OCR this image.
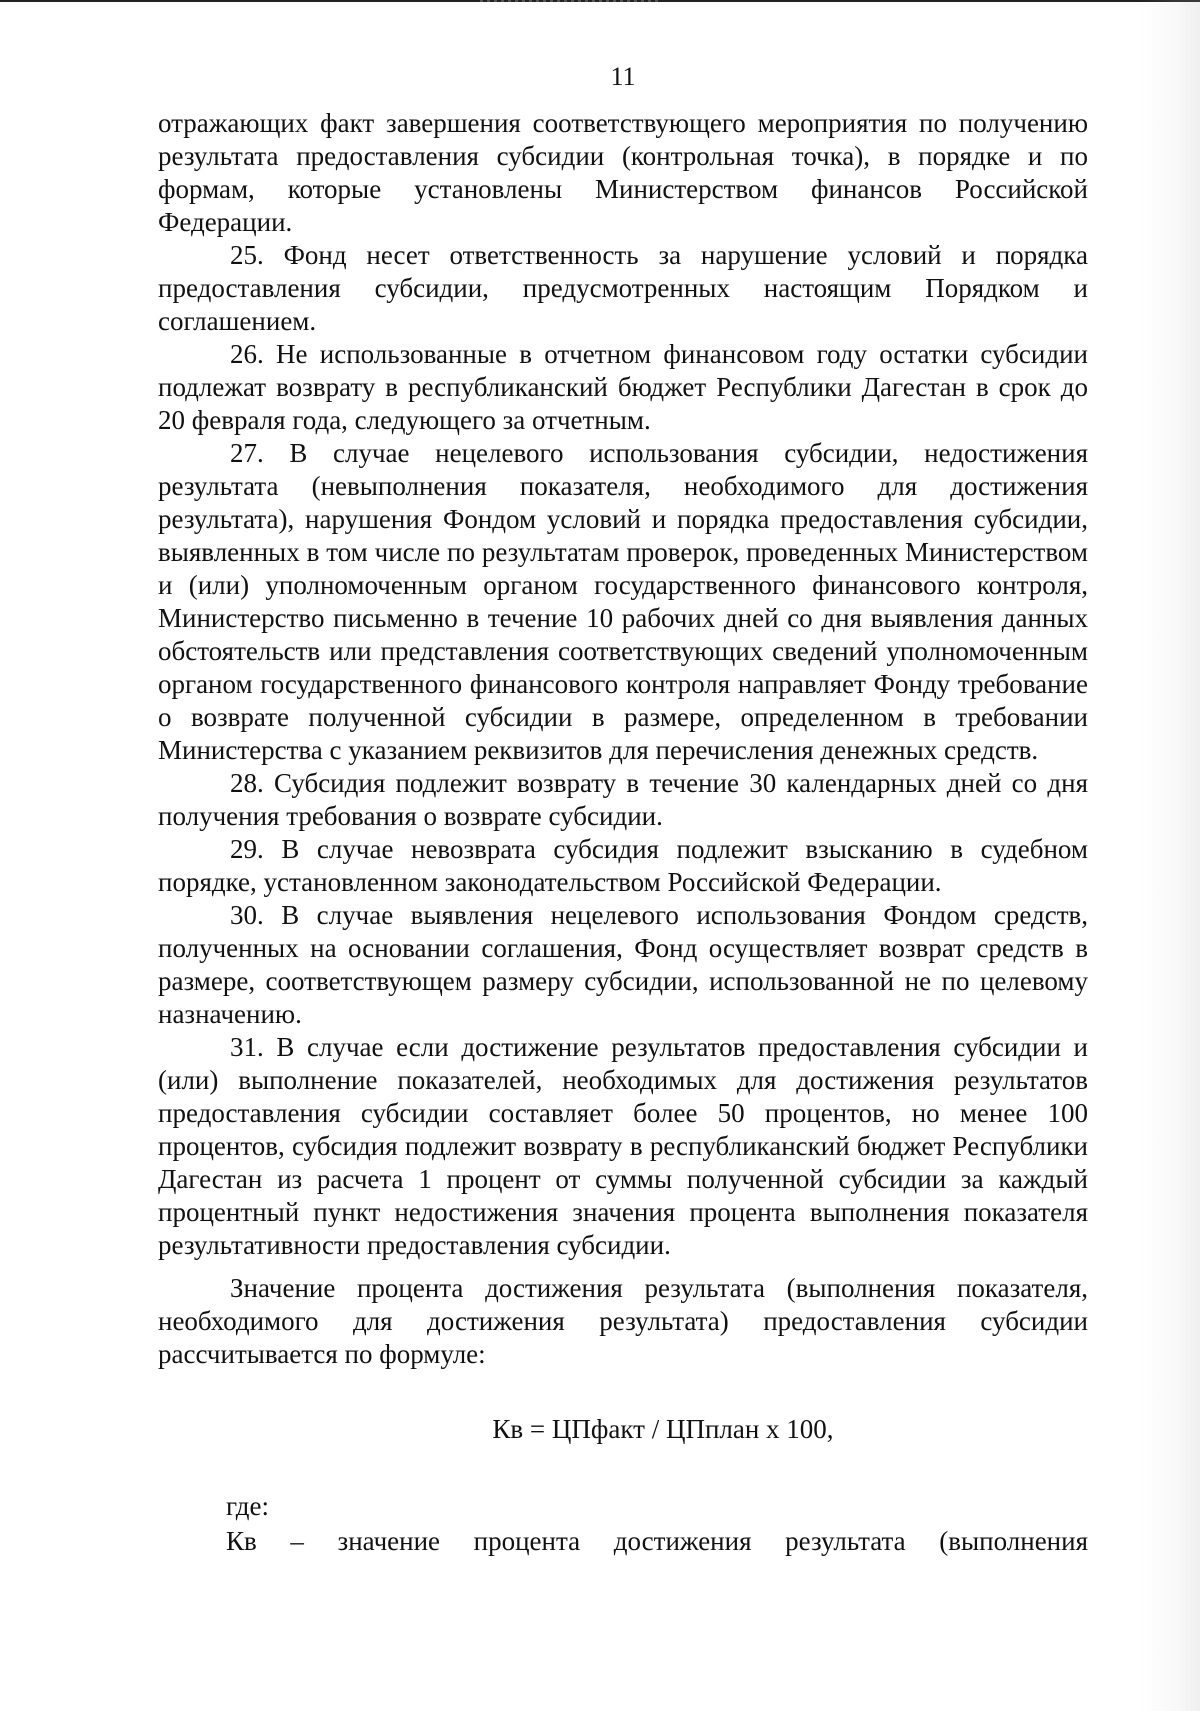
11

отражающих факт завершения соответствующего мероприятия по получению результата предоставления субсидии (контрольная точка), в порядке и по формам, которые установлены Министерством финансов Российской Федерации.

25. Фонд несет ответственность за нарушение условий и порядка предоставления субсидии, предусмотренных настоящим Порядком и соглашением.

26. Не использованные в отчетном финансовом году остатки субсидии подлежат возврату в республиканский бюджет Республики Дагестан в срок до 20 февраля года, следующего за отчетным.

27. В случае нецелевого использования субсидии, недостижения результата (невыполнения показателя, необходимого для достижения результата), нарушения Фондом условий и порядка предоставления субсидии, выявленных в том числе по результатам проверок, проведенных Министерством и (или) уполномоченным органом государственного финансового контроля, Министерство письменно в течение 10 рабочих дней со дня выявления данных обстоятельств или представления соответствующих сведений уполномоченным органом государственного финансового контроля направляет Фонду требование о возврате полученной субсидии в размере, определенном в требовании Министерства с указанием реквизитов для перечисления денежных средств.

28. Субсидия подлежит возврату в течение 30 календарных дней со дня получения требования о возврате субсидии.

29. В случае невозврата субсидия подлежит взысканию в судебном порядке, установленном законодательством Российской Федерации.

30. В случае выявления нецелевого использования Фондом средств, полученных на основании соглашения, Фонд осуществляет возврат средств в размере, соответствующем размеру субсидии, использованной не по целевому назначению.

31. В случае если достижение результатов предоставления субсидии и (или) выполнение показателей, необходимых для достижения результатов предоставления субсидии составляет более 50 процентов, но менее 100 процентов, субсидия подлежит возврату в республиканский бюджет Республики Дагестан из расчета 1 процент от суммы полученной субсидии за каждый процентный пункт недостижения значения процента выполнения показателя результативности предоставления субсидии.

Значение процента достижения результата (выполнения показателя, необходимого для достижения результата) предоставления субсидии рассчитывается по формуле:

Кв = ЦПфакт / ЦПплан x 100,

где:

Кв – значение процента достижения результата (выполнения
